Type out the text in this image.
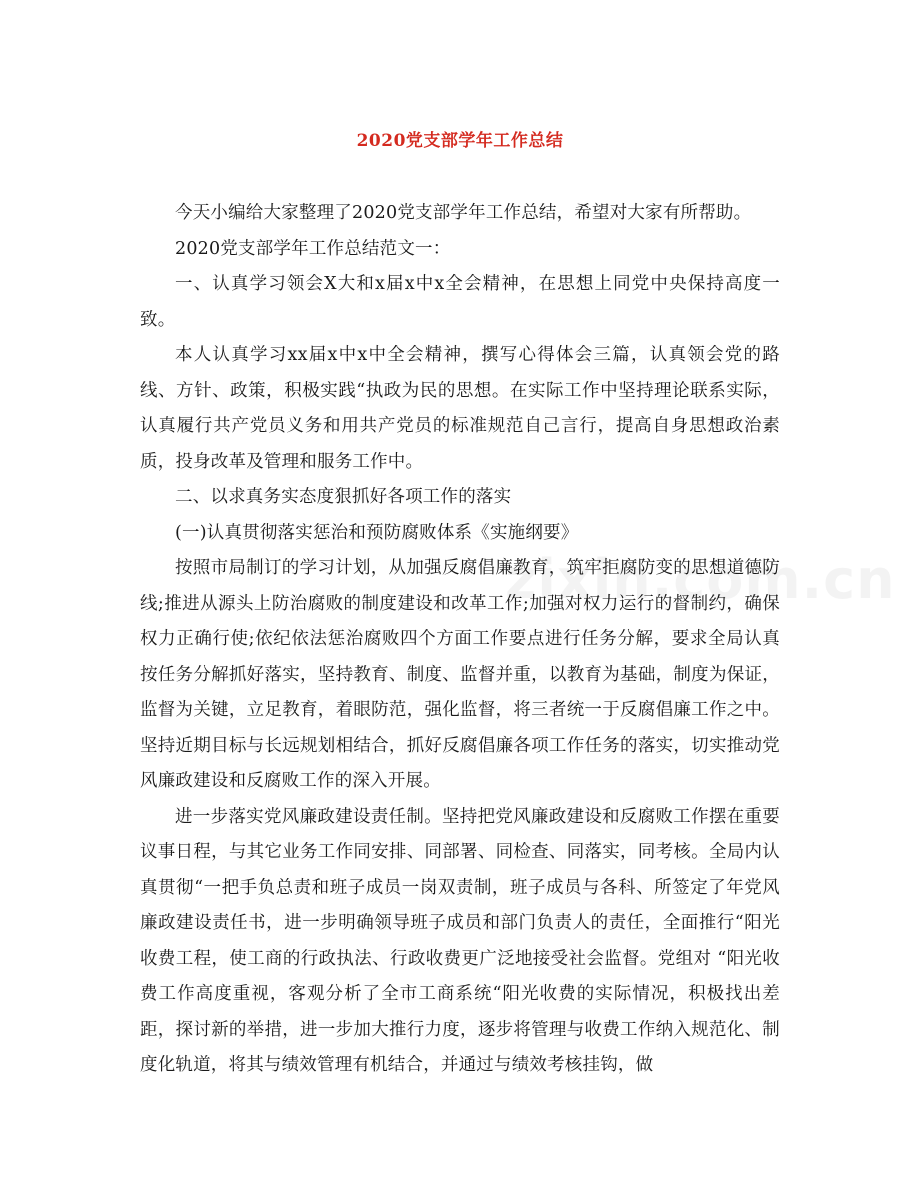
2020党支部学年工作总结

今天小编给大家整理了2020党支部学年工作总结，希望对大家有所帮助。

2020党支部学年工作总结范文一：

一、认真学习领会X大和x届x中x全会精神，在思想上同党中央保持高度一致。

本人认真学习xx届x中x中全会精神，撰写心得体会三篇，认真领会党的路线、方针、政策，积极实践“执政为民的思想。在实际工作中坚持理论联系实际，认真履行共产党员义务和用共产党员的标准规范自己言行，提高自身思想政治素质，投身改革及管理和服务工作中。

二、以求真务实态度狠抓好各项工作的落实

(一)认真贯彻落实惩治和预防腐败体系《实施纲要》

按照市局制订的学习计划，从加强反腐倡廉教育，筑牢拒腐防变的思想道德防线;推进从源头上防治腐败的制度建设和改革工作;加强对权力运行的督制约，确保权力正确行使;依纪依法惩治腐败四个方面工作要点进行任务分解，要求全局认真按任务分解抓好落实，坚持教育、制度、监督并重，以教育为基础，制度为保证，监督为关键，立足教育，着眼防范，强化监督，将三者统一于反腐倡廉工作之中。坚持近期目标与长远规划相结合，抓好反腐倡廉各项工作任务的落实，切实推动党风廉政建设和反腐败工作的深入开展。

进一步落实党风廉政建设责任制。坚持把党风廉政建设和反腐败工作摆在重要议事日程，与其它业务工作同安排、同部署、同检查、同落实，同考核。全局内认真贯彻“一把手负总责和班子成员一岗双责制，班子成员与各科、所签定了年党风廉政建设责任书，进一步明确领导班子成员和部门负责人的责任，全面推行“阳光收费工程，使工商的行政执法、行政收费更广泛地接受社会监督。党组对 “阳光收费工作高度重视，客观分析了全市工商系统“阳光收费的实际情况，积极找出差距，探讨新的举措，进一步加大推行力度，逐步将管理与收费工作纳入规范化、制度化轨道，将其与绩效管理有机结合，并通过与绩效考核挂钩，做
